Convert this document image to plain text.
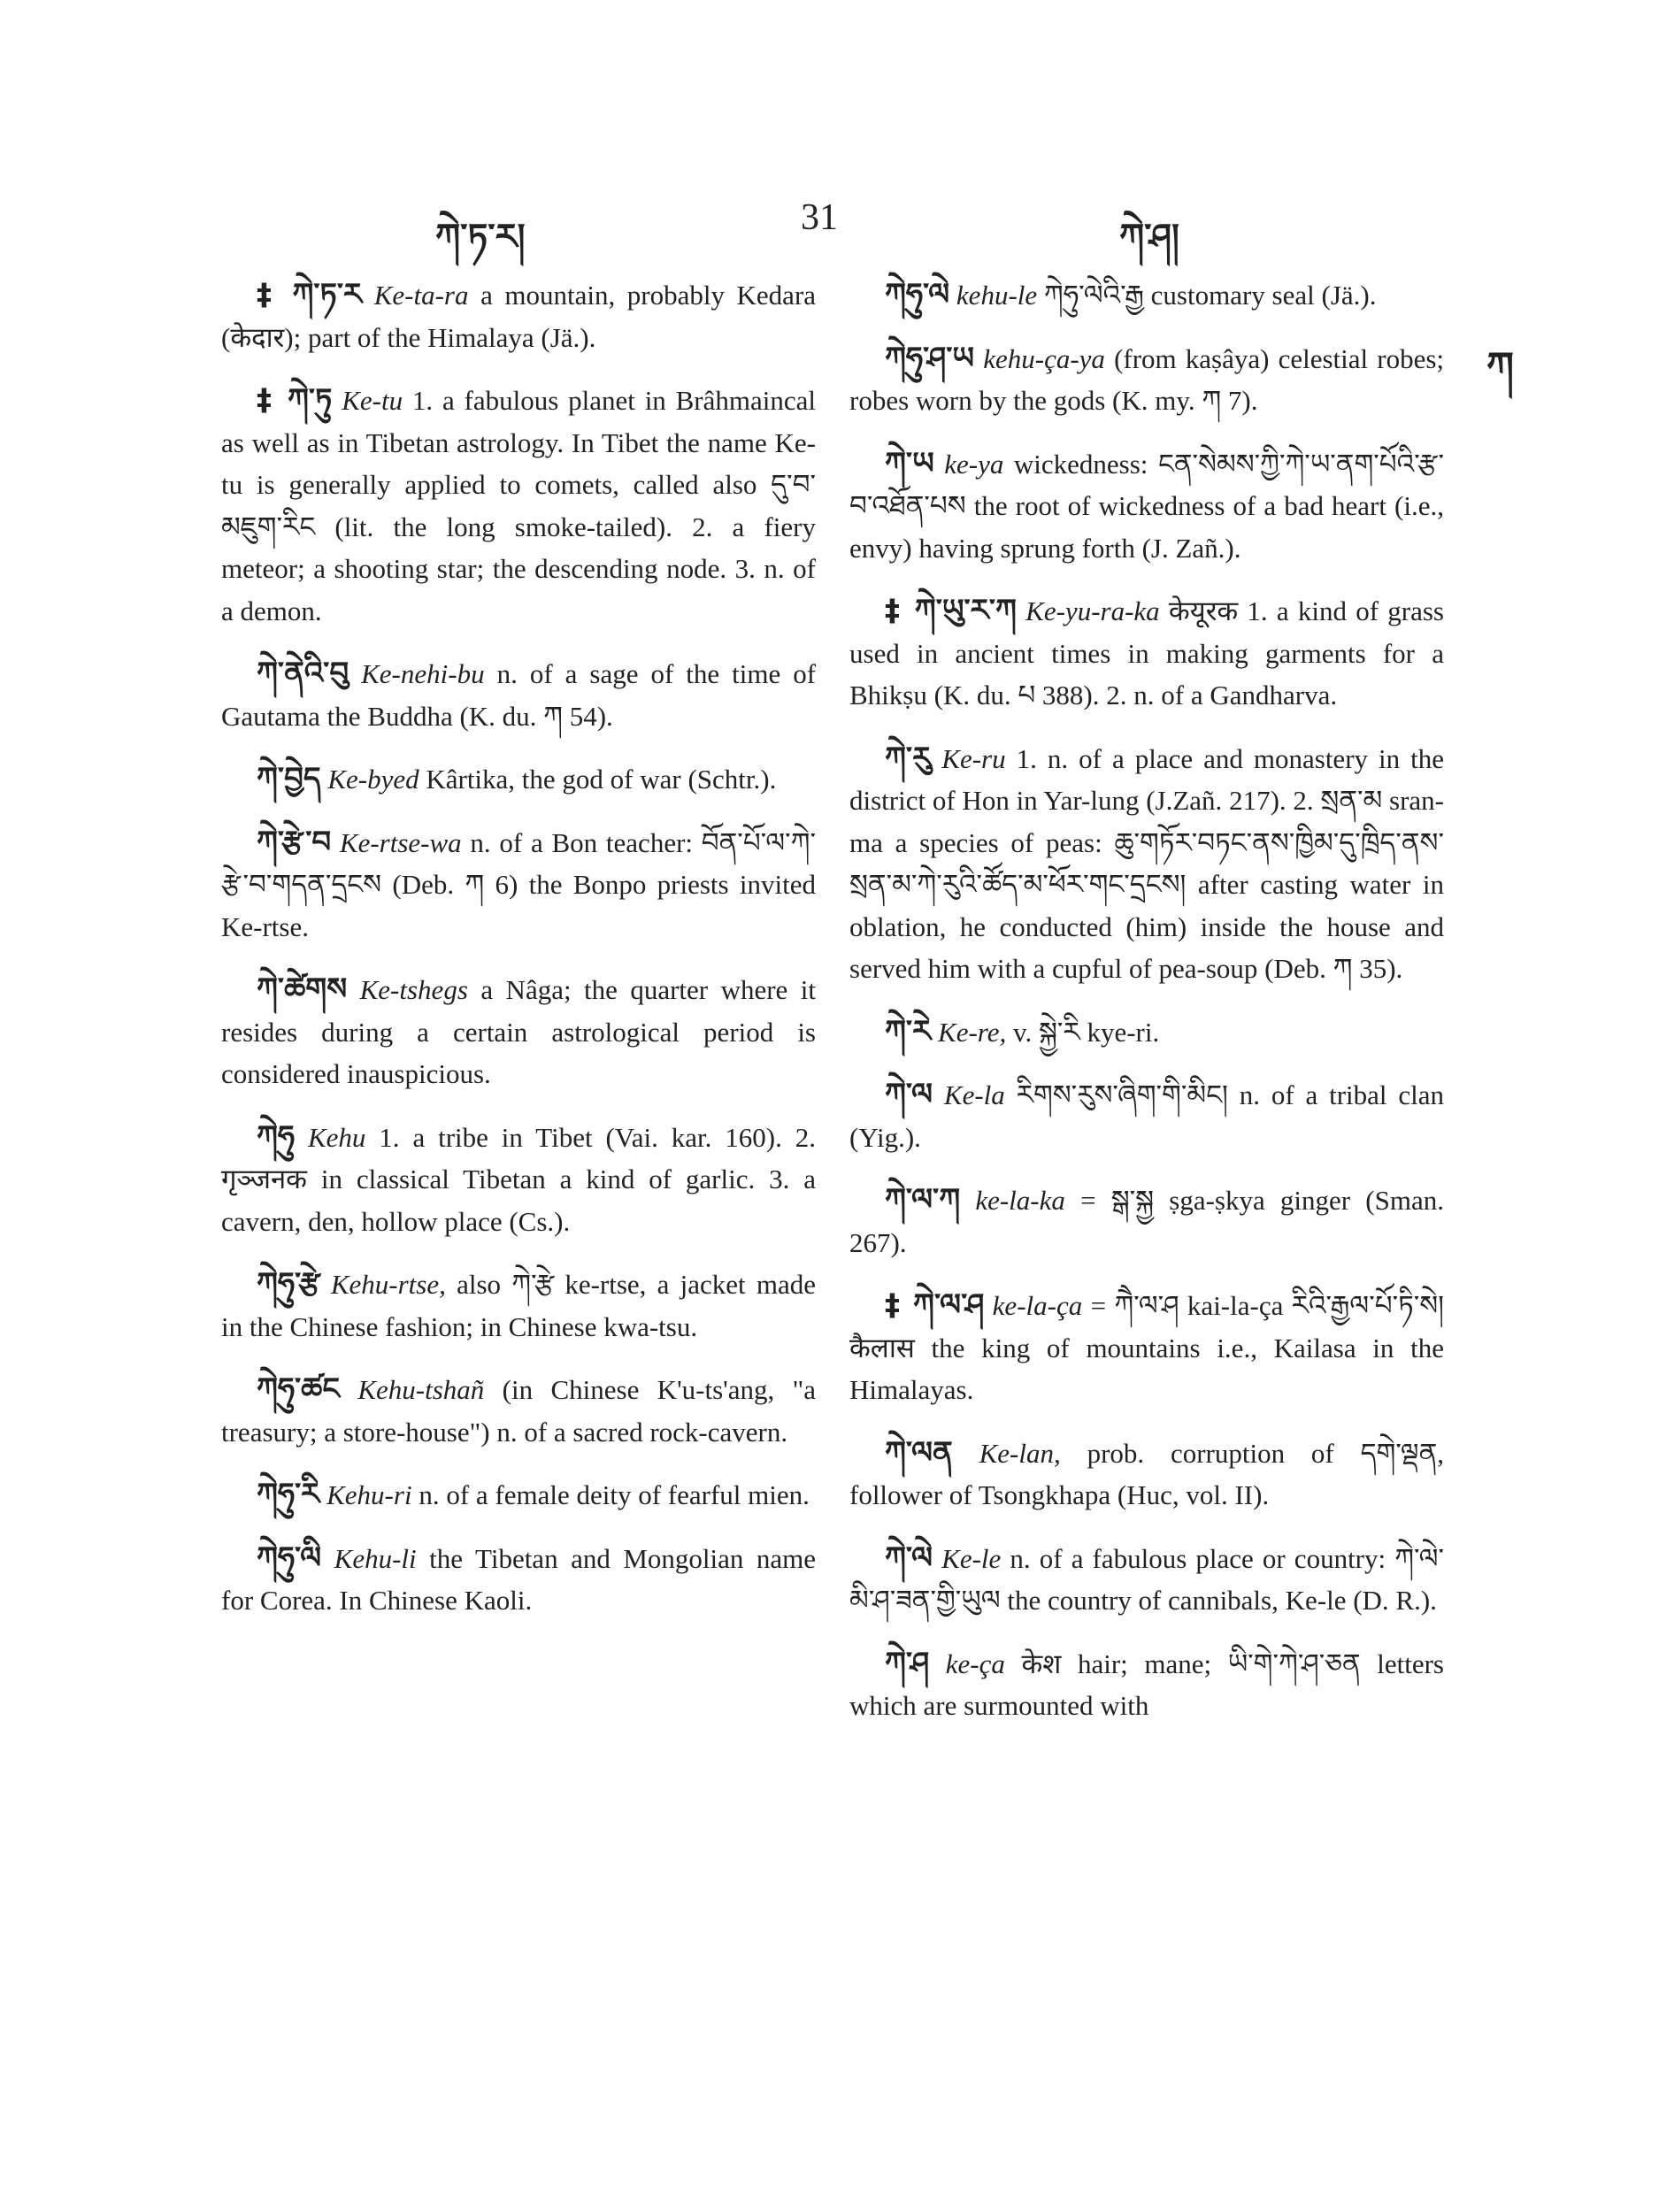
ཀེ་ཏ་ར།	31	ཀེ་ཤ།
ཀ

‡ ཀེ་ཏ་ར Ke-ta-ra a mountain, probably Kedara (केदार); part of the Himalaya (Jä.).

‡ ཀེ་ཏུ Ke-tu 1. a fabulous planet in Brâhmaincal as well as in Tibetan astrology. In Tibet the name Ke-tu is generally applied to comets, called also དུ་བ་མཇུག་རིང (lit. the long smoke-tailed). 2. a fiery meteor; a shooting star; the descending node. 3. n. of a demon.

ཀེ་ནེའི་བུ Ke-nehi-bu n. of a sage of the time of Gautama the Buddha (K. du. ཀ 54).

ཀེ་བྱེད Ke-byed Kârtika, the god of war (Schtr.).

ཀེ་རྩེ་བ Ke-rtse-wa n. of a Bon teacher: བོན་པོ་ལ་ཀེ་རྩེ་བ་གདན་དྲངས (Deb. ཀ 6) the Bonpo priests invited Ke-rtse.

ཀེ་ཚེགས Ke-tshegs a Nâga; the quarter where it resides during a certain astrological period is considered inauspicious.

ཀེཧུ Kehu 1. a tribe in Tibet (Vai. kar. 160). 2. गृञ्जनक in classical Tibetan a kind of garlic. 3. a cavern, den, hollow place (Cs.).

ཀེཧུ་རྩེ Kehu-rtse, also ཀེ་རྩེ ke-rtse, a jacket made in the Chinese fashion; in Chinese kwa-tsu.

ཀེཧུ་ཚང Kehu-tshañ (in Chinese K'u-ts'ang, "a treasury; a store-house") n. of a sacred rock-cavern.

ཀེཧུ་རི Kehu-ri n. of a female deity of fearful mien.

ཀེཧུ་ལི Kehu-li the Tibetan and Mongolian name for Corea. In Chinese Kaoli.

ཀེཧུ་ལེ kehu-le ཀེཧུ་ལེའི་རྒྱ customary seal (Jä.).

ཀེཧུ་ཤ་ཡ kehu-ça-ya (from kaṣâya) celestial robes; robes worn by the gods (K. my. ཀ 7).

ཀེ་ཡ ke-ya wickedness: ངན་སེམས་ཀྱི་ཀེ་ཡ་ནག་པོའི་རྩ་བ་འཐོན་པས the root of wickedness of a bad heart (i.e., envy) having sprung forth (J. Zañ.).

‡ ཀེ་ཡུ་ར་ཀ Ke-yu-ra-ka केयूरक 1. a kind of grass used in ancient times in making garments for a Bhikṣu (K. du. པ 388). 2. n. of a Gandharva.

ཀེ་རུ Ke-ru 1. n. of a place and monastery in the district of Hon in Yar-lung (J.Zañ. 217). 2. སྲན་མ sran-ma a species of peas: ཆུ་གཏོར་བཏང་ནས་ཁྱིམ་དུ་ཁྲིད་ནས་སྲན་མ་ཀེ་རུའི་ཚོད་མ་ཕོར་གང་དྲངས། after casting water in oblation, he conducted (him) inside the house and served him with a cupful of pea-soup (Deb. ཀ 35).

ཀེ་རེ Ke-re, v. སྐྱེ་རི kye-ri.

ཀེ་ལ Ke-la རིགས་རུས་ཞིག་གི་མིང། n. of a tribal clan (Yig.).

ཀེ་ལ་ཀ ke-la-ka = སྒ་སྐྱ ṣga-ṣkya ginger (Sman. 267).

‡ ཀེ་ལ་ཤ ke-la-ça = ཀཻ་ལ་ཤ kai-la-ça རིའི་རྒྱལ་པོ་ཏི་སེ། कैलास the king of mountains i.e., Kailasa in the Himalayas.

ཀེ་ལན Ke-lan, prob. corruption of དགེ་ལྡན, follower of Tsongkhapa (Huc, vol. II).

ཀེ་ལེ Ke-le n. of a fabulous place or country: ཀེ་ལེ་མི་ཤ་ཟན་གྱི་ཡུལ the country of cannibals, Ke-le (D. R.).

ཀེ་ཤ ke-ça केश hair; mane; ཡི་གེ་ཀེ་ཤ་ཅན letters which are surmounted with
